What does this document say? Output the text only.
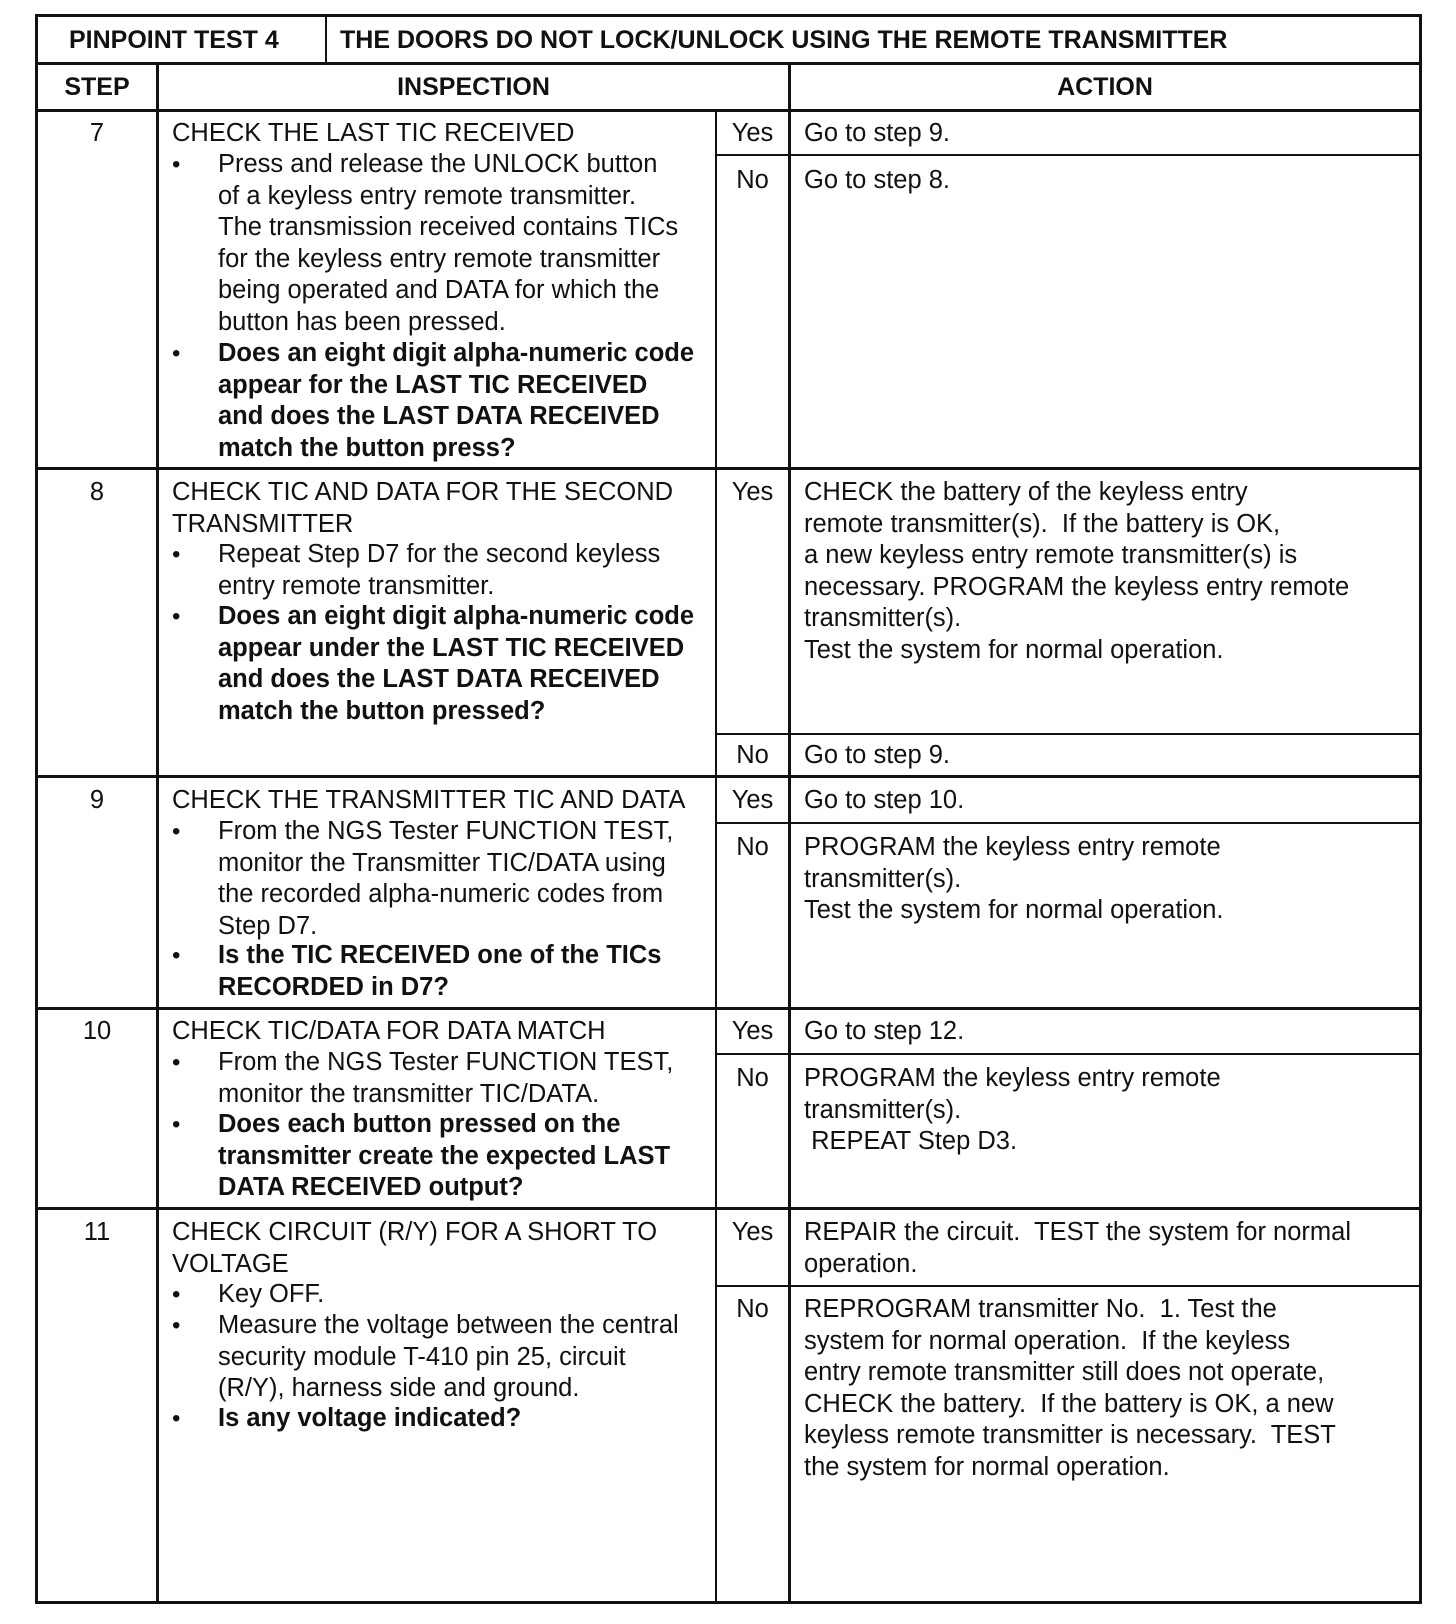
PINPOINT TEST 4 THE DOORS DO NOT LOCK/UNLOCK USING THE REMOTE TRANSMITTER
STEP	INSPECTION	ACTION
7	CHECK THE LAST TIC RECEIVED
• Press and release the UNLOCK button
of a keyless entry remote transmitter.
The transmission received contains TICs
for the keyless entry remote transmitter
being operated and DATA for which the
button has been pressed.
• Does an eight digit alpha-numeric code
appear for the LAST TIC RECEIVED
and does the LAST DATA RECEIVED
match the button press?
Yes	Go to step 9.
No	Go to step 8.
8	CHECK TIC AND DATA FOR THE SECOND
TRANSMITTER
• Repeat Step D7 for the second keyless
entry remote transmitter.
• Does an eight digit alpha-numeric code
appear under the LAST TIC RECEIVED
and does the LAST DATA RECEIVED
match the button pressed?
Yes	CHECK the battery of the keyless entry
remote transmitter(s).  If the battery is OK,
a new keyless entry remote transmitter(s) is
necessary. PROGRAM the keyless entry remote
transmitter(s).
Test the system for normal operation.
No	Go to step 9.
9	CHECK THE TRANSMITTER TIC AND DATA
• From the NGS Tester FUNCTION TEST,
monitor the Transmitter TIC/DATA using
the recorded alpha-numeric codes from
Step D7.
• Is the TIC RECEIVED one of the TICs
RECORDED in D7?
Yes	Go to step 10.
No	PROGRAM the keyless entry remote
transmitter(s).
Test the system for normal operation.
10	CHECK TIC/DATA FOR DATA MATCH
• From the NGS Tester FUNCTION TEST,
monitor the transmitter TIC/DATA.
• Does each button pressed on the
transmitter create the expected LAST
DATA RECEIVED output?
Yes	Go to step 12.
No	PROGRAM the keyless entry remote
transmitter(s).
REPEAT Step D3.
11	CHECK CIRCUIT (R/Y) FOR A SHORT TO
VOLTAGE
• Key OFF.
• Measure the voltage between the central
security module T-410 pin 25, circuit
(R/Y), harness side and ground.
• Is any voltage indicated?
Yes	REPAIR the circuit.  TEST the system for normal
operation.
No	REPROGRAM transmitter No.  1. Test the
system for normal operation.  If the keyless
entry remote transmitter still does not operate,
CHECK the battery.  If the battery is OK, a new
keyless remote transmitter is necessary.  TEST
the system for normal operation.
